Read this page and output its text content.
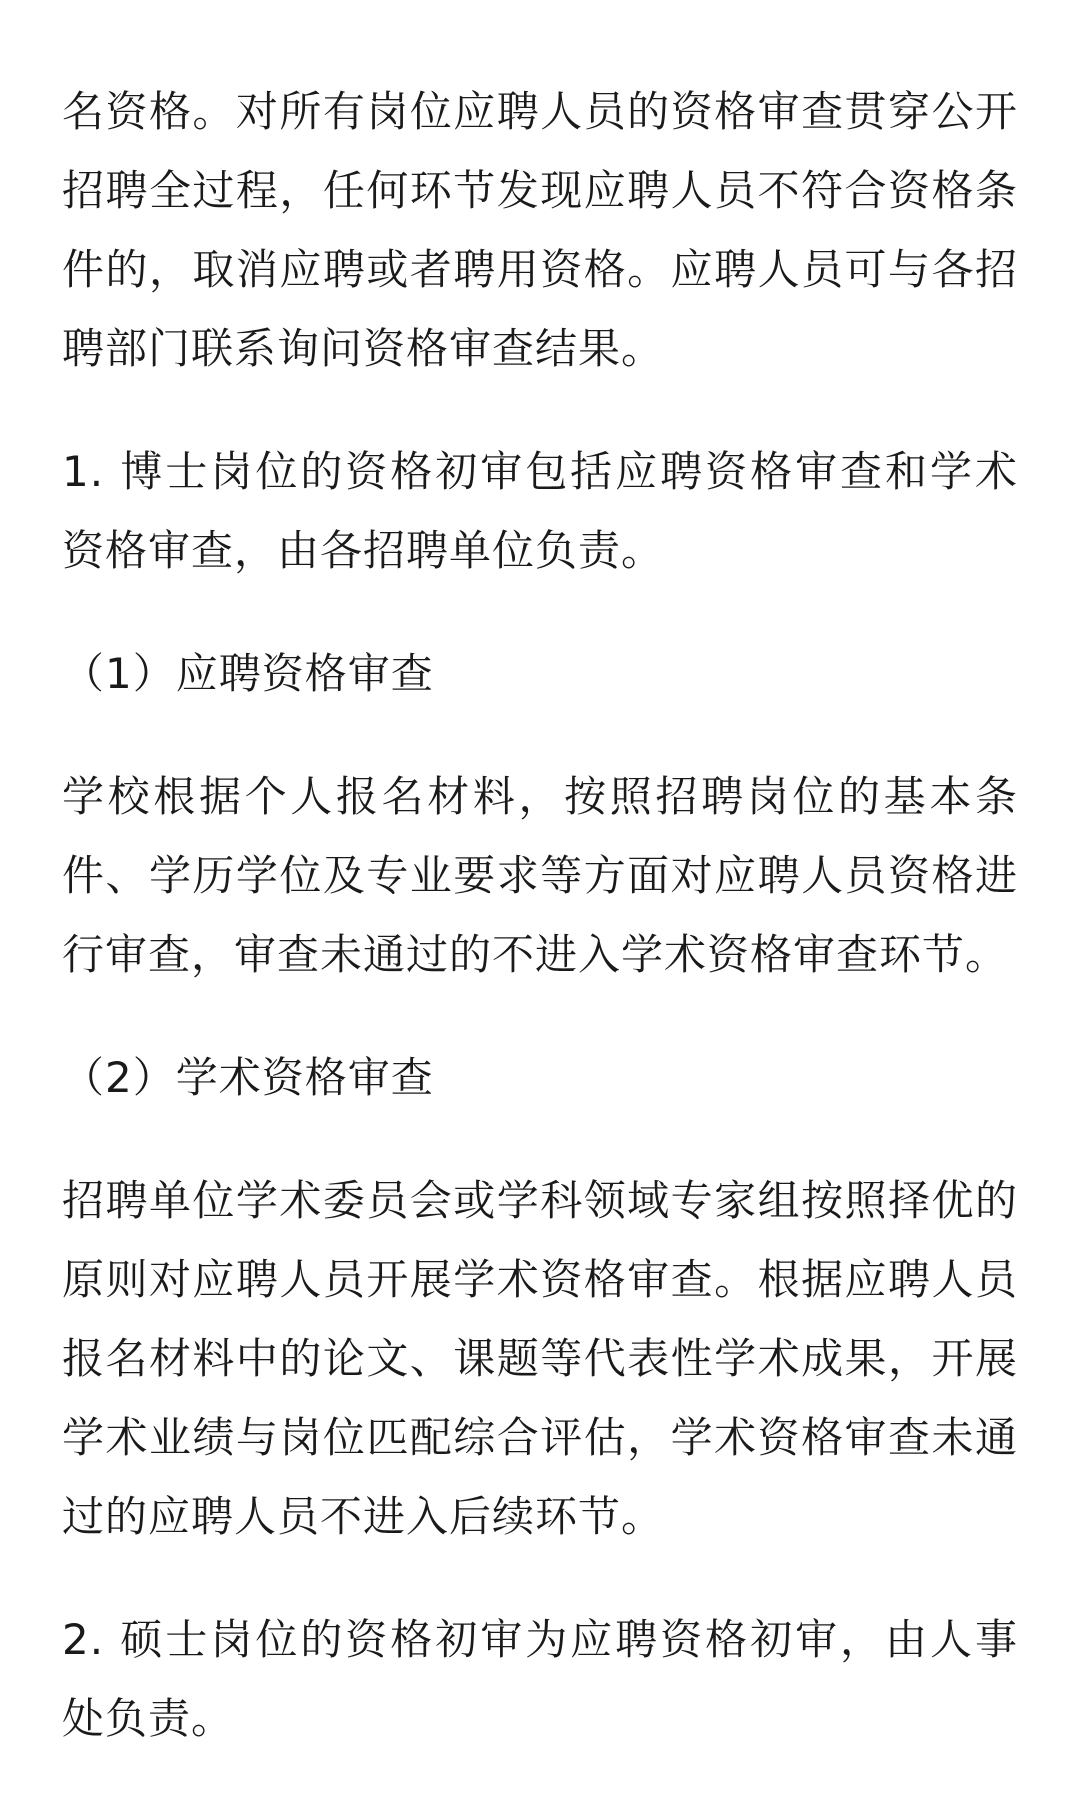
名资格。对所有岗位应聘人员的资格审查贯穿公开招聘全过程，任何环节发现应聘人员不符合资格条件的，取消应聘或者聘用资格。应聘人员可与各招聘部门联系询问资格审查结果。

1. 博士岗位的资格初审包括应聘资格审查和学术资格审查，由各招聘单位负责。

（1）应聘资格审查

学校根据个人报名材料，按照招聘岗位的基本条件、学历学位及专业要求等方面对应聘人员资格进行审查，审查未通过的不进入学术资格审查环节。

（2）学术资格审查

招聘单位学术委员会或学科领域专家组按照择优的原则对应聘人员开展学术资格审查。根据应聘人员报名材料中的论文、课题等代表性学术成果，开展学术业绩与岗位匹配综合评估，学术资格审查未通过的应聘人员不进入后续环节。

2. 硕士岗位的资格初审为应聘资格初审，由人事处负责。
